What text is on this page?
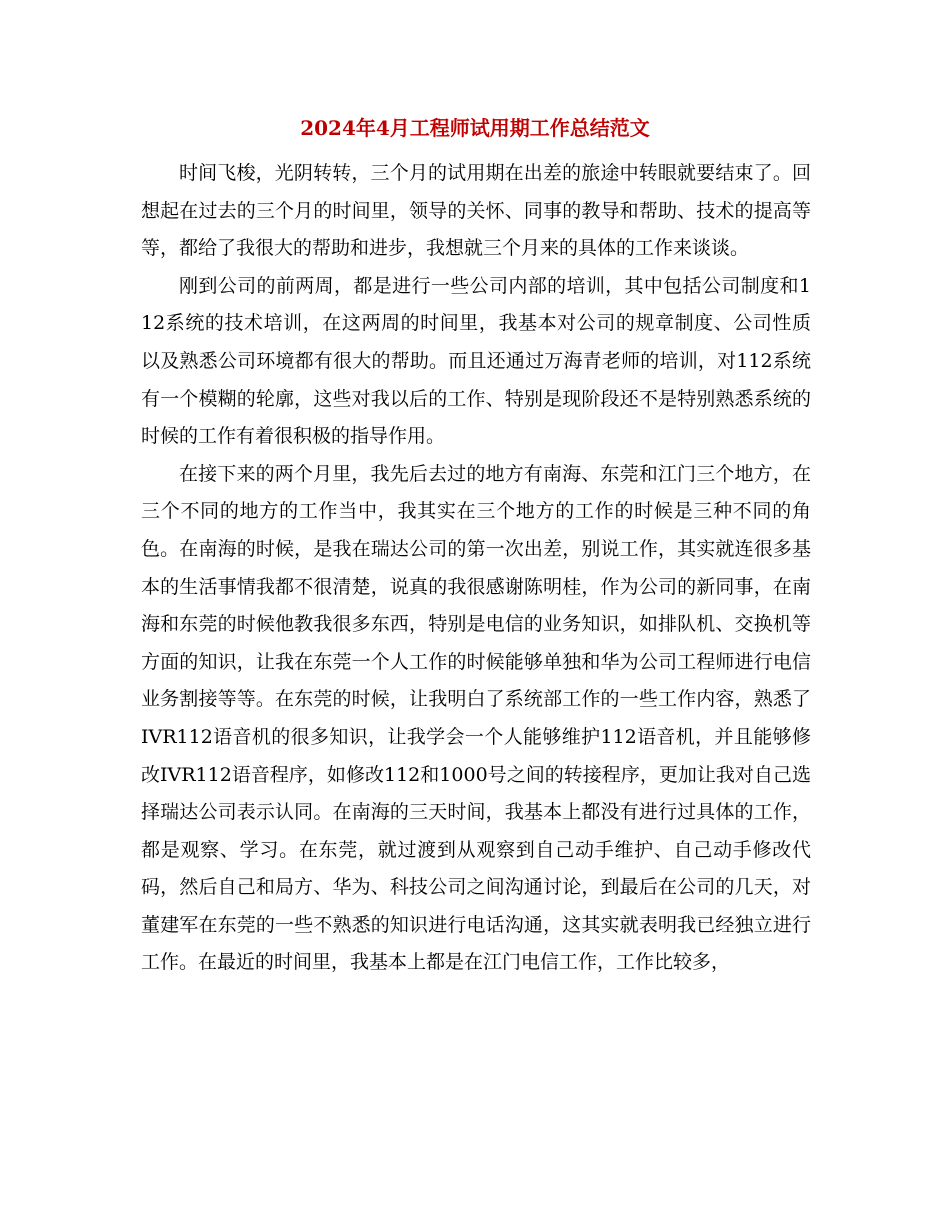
2024年4月工程师试用期工作总结范文

时间飞梭，光阴转转，三个月的试用期在出差的旅途中转眼就要结束了。回想起在过去的三个月的时间里，领导的关怀、同事的教导和帮助、技术的提高等等，都给了我很大的帮助和进步，我想就三个月来的具体的工作来谈谈。

刚到公司的前两周，都是进行一些公司内部的培训，其中包括公司制度和112系统的技术培训，在这两周的时间里，我基本对公司的规章制度、公司性质以及熟悉公司环境都有很大的帮助。而且还通过万海青老师的培训，对112系统有一个模糊的轮廓，这些对我以后的工作、特别是现阶段还不是特别熟悉系统的时候的工作有着很积极的指导作用。

在接下来的两个月里，我先后去过的地方有南海、东莞和江门三个地方，在三个不同的地方的工作当中，我其实在三个地方的工作的时候是三种不同的角色。在南海的时候，是我在瑞达公司的第一次出差，别说工作，其实就连很多基本的生活事情我都不很清楚，说真的我很感谢陈明桂，作为公司的新同事，在南海和东莞的时候他教我很多东西，特别是电信的业务知识，如排队机、交换机等方面的知识，让我在东莞一个人工作的时候能够单独和华为公司工程师进行电信业务割接等等。在东莞的时候，让我明白了系统部工作的一些工作内容，熟悉了IVR112语音机的很多知识，让我学会一个人能够维护112语音机，并且能够修改IVR112语音程序，如修改112和1000号之间的转接程序，更加让我对自己选择瑞达公司表示认同。在南海的三天时间，我基本上都没有进行过具体的工作，都是观察、学习。在东莞，就过渡到从观察到自己动手维护、自己动手修改代码，然后自己和局方、华为、科技公司之间沟通讨论，到最后在公司的几天，对董建军在东莞的一些不熟悉的知识进行电话沟通，这其实就表明我已经独立进行工作。在最近的时间里，我基本上都是在江门电信工作，工作比较多，
